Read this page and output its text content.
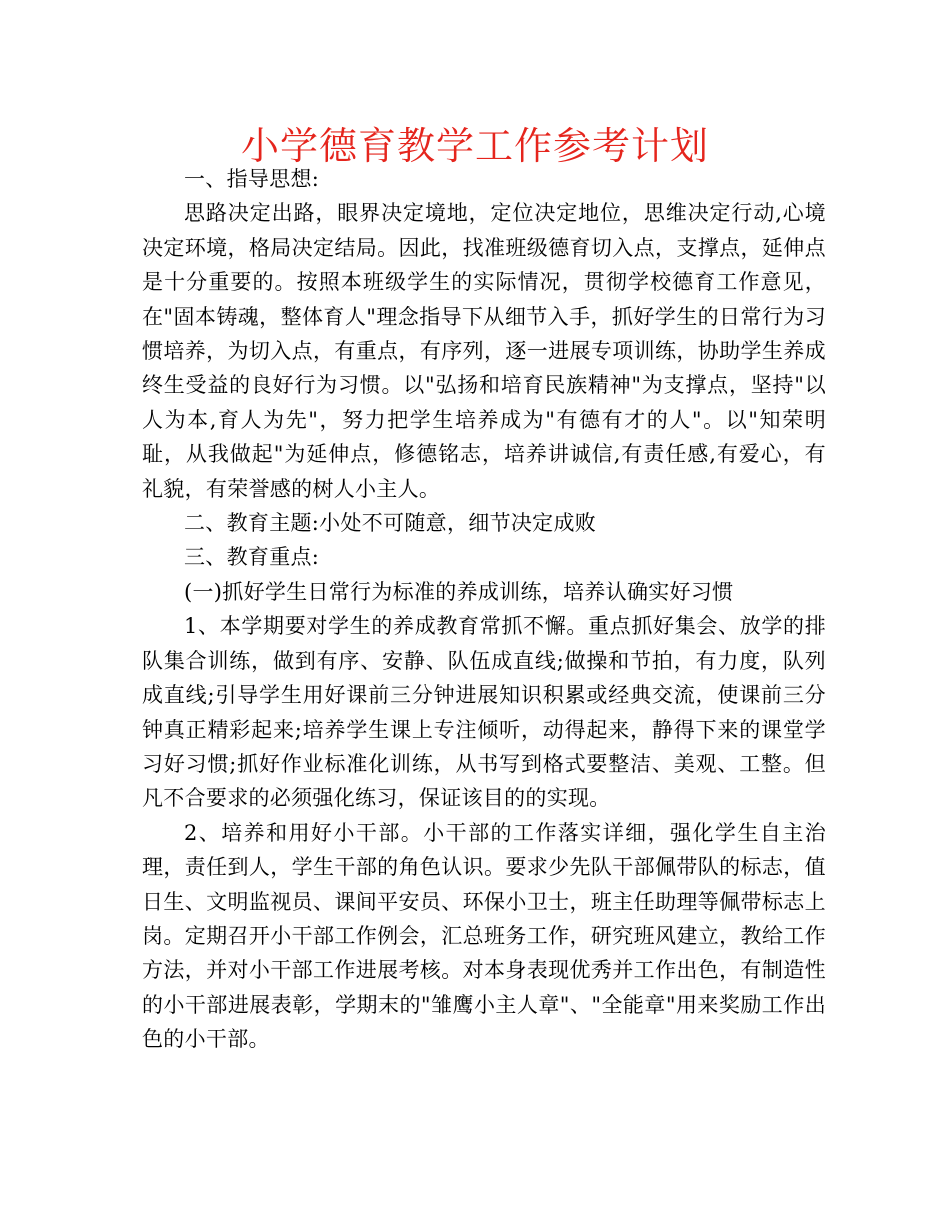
小学德育教学工作参考计划

一、指导思想:

思路决定出路，眼界决定境地，定位决定地位，思维决定行动,心境决定环境，格局决定结局。因此，找准班级德育切入点，支撑点，延伸点是十分重要的。按照本班级学生的实际情况，贯彻学校德育工作意见，在"固本铸魂，整体育人"理念指导下从细节入手，抓好学生的日常行为习惯培养，为切入点，有重点，有序列，逐一进展专项训练，协助学生养成终生受益的良好行为习惯。以"弘扬和培育民族精神"为支撑点，坚持"以人为本,育人为先"，努力把学生培养成为"有德有才的人"。以"知荣明耻，从我做起"为延伸点，修德铭志，培养讲诚信,有责任感,有爱心，有礼貌，有荣誉感的树人小主人。

二、教育主题:小处不可随意，细节决定成败

三、教育重点:

(一)抓好学生日常行为标准的养成训练，培养认确实好习惯

1、本学期要对学生的养成教育常抓不懈。重点抓好集会、放学的排队集合训练，做到有序、安静、队伍成直线;做操和节拍，有力度，队列成直线;引导学生用好课前三分钟进展知识积累或经典交流，使课前三分钟真正精彩起来;培养学生课上专注倾听，动得起来，静得下来的课堂学习好习惯;抓好作业标准化训练，从书写到格式要整洁、美观、工整。但凡不合要求的必须强化练习，保证该目的的实现。

2、培养和用好小干部。小干部的工作落实详细，强化学生自主治理，责任到人，学生干部的角色认识。要求少先队干部佩带队的标志，值日生、文明监视员、课间平安员、环保小卫士，班主任助理等佩带标志上岗。定期召开小干部工作例会，汇总班务工作，研究班风建立，教给工作方法，并对小干部工作进展考核。对本身表现优秀并工作出色，有制造性的小干部进展表彰，学期末的"雏鹰小主人章"、"全能章"用来奖励工作出色的小干部。
